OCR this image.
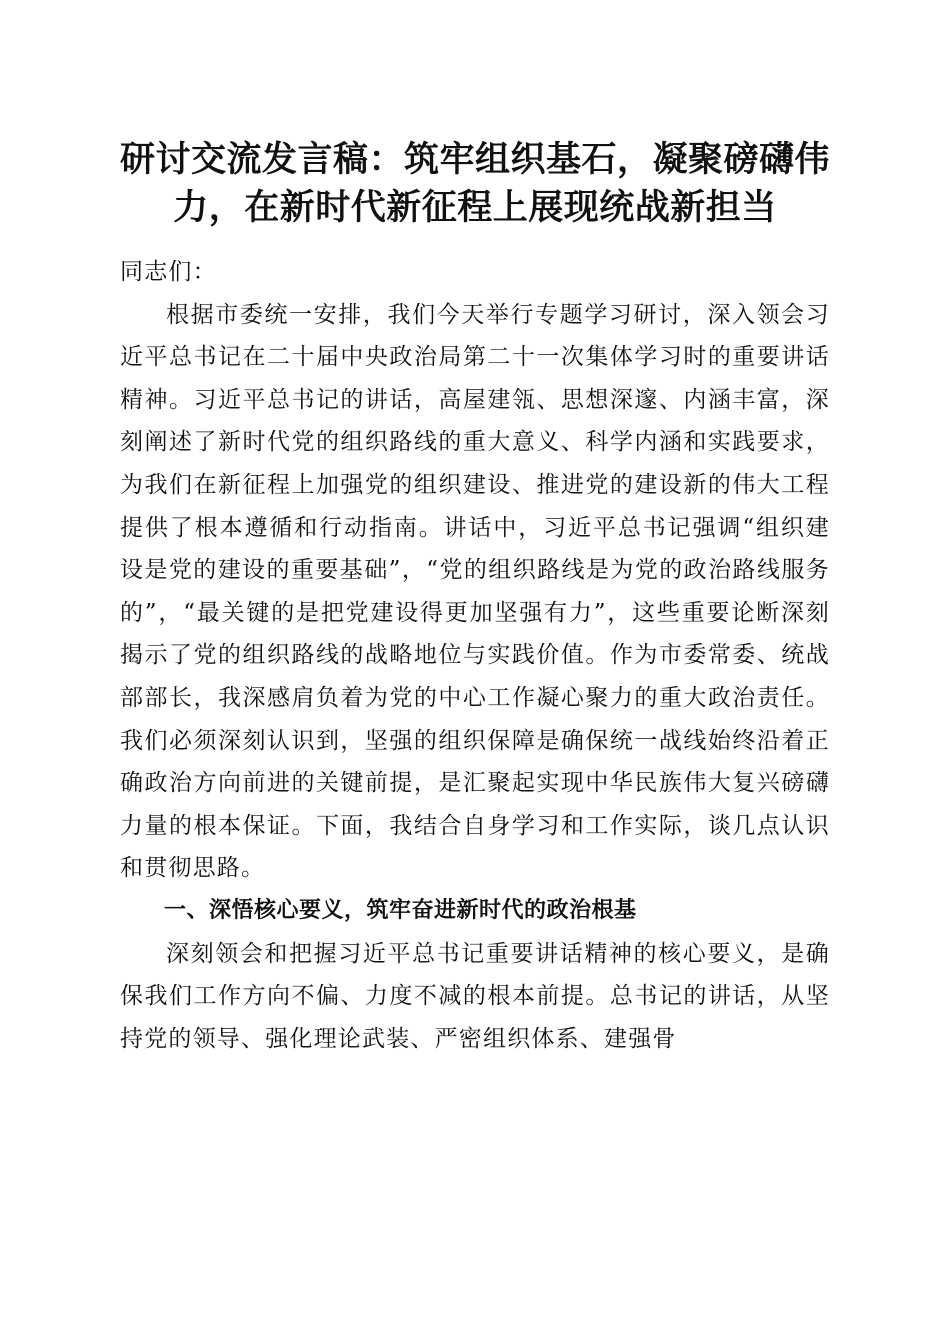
研讨交流发言稿：筑牢组织基石，凝聚磅礴伟力，在新时代新征程上展现统战新担当

同志们：

根据市委统一安排，我们今天举行专题学习研讨，深入领会习近平总书记在二十届中央政治局第二十一次集体学习时的重要讲话精神。习近平总书记的讲话，高屋建瓴、思想深邃、内涵丰富，深刻阐述了新时代党的组织路线的重大意义、科学内涵和实践要求，为我们在新征程上加强党的组织建设、推进党的建设新的伟大工程提供了根本遵循和行动指南。讲话中，习近平总书记强调“组织建设是党的建设的重要基础”，“党的组织路线是为党的政治路线服务的”，“最关键的是把党建设得更加坚强有力”，这些重要论断深刻揭示了党的组织路线的战略地位与实践价值。作为市委常委、统战部部长，我深感肩负着为党的中心工作凝心聚力的重大政治责任。我们必须深刻认识到，坚强的组织保障是确保统一战线始终沿着正确政治方向前进的关键前提，是汇聚起实现中华民族伟大复兴磅礴力量的根本保证。下面，我结合自身学习和工作实际，谈几点认识和贯彻思路。

一、深悟核心要义，筑牢奋进新时代的政治根基

深刻领会和把握习近平总书记重要讲话精神的核心要义，是确保我们工作方向不偏、力度不减的根本前提。总书记的讲话，从坚持党的领导、强化理论武装、严密组织体系、建强骨
